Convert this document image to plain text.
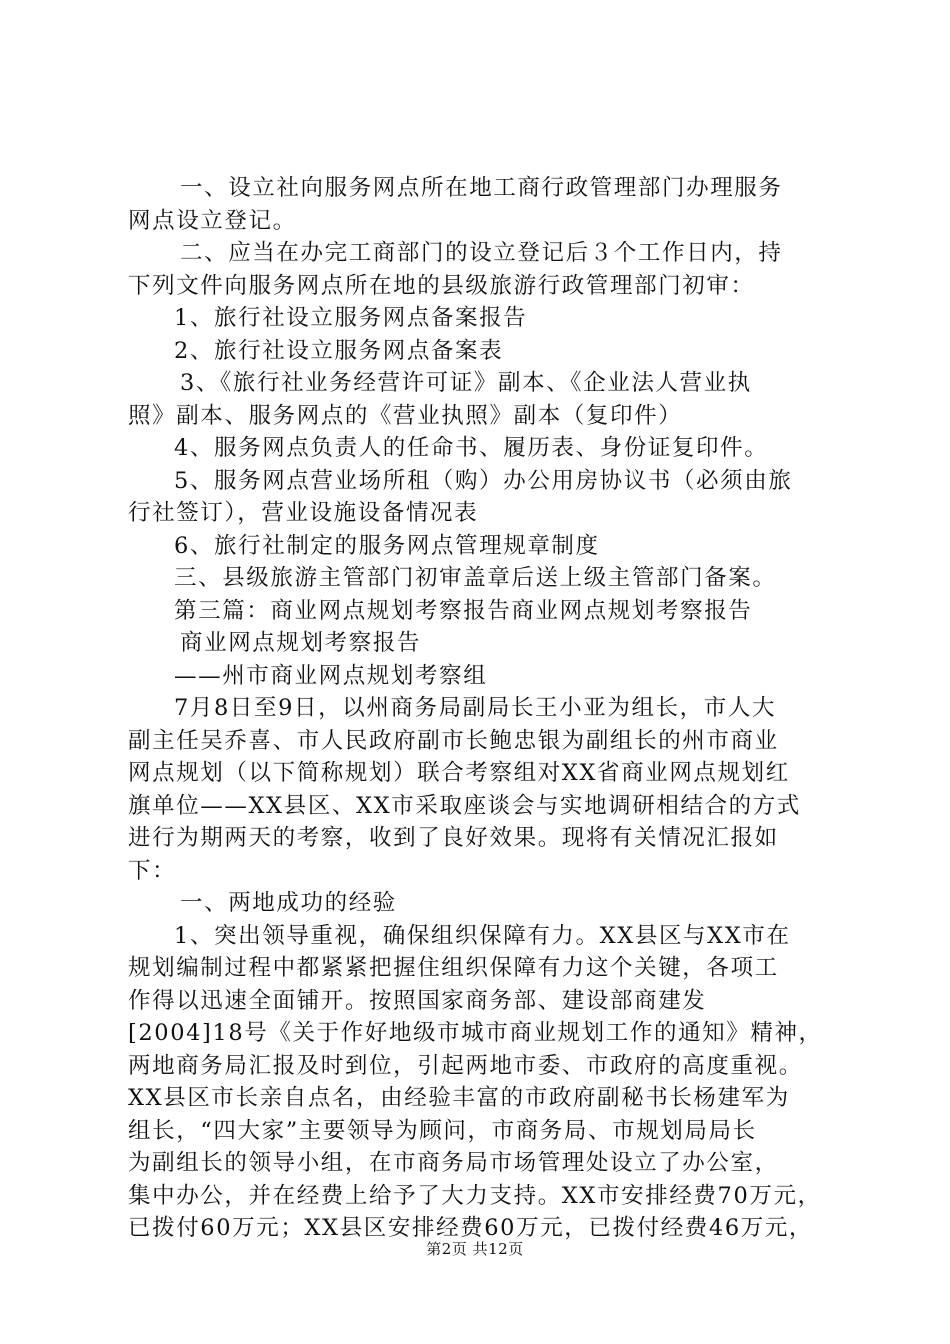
一、设立社向服务网点所在地工商行政管理部门办理服务

网点设立登记。

二、应当在办完工商部门的设立登记后３个工作日内，持

下列文件向服务网点所在地的县级旅游行政管理部门初审：

1、旅行社设立服务网点备案报告

2、旅行社设立服务网点备案表

3、《旅行社业务经营许可证》副本、《企业法人营业执

照》副本、服务网点的《营业执照》副本（复印件）

4、服务网点负责人的任命书、履历表、身份证复印件。

5、服务网点营业场所租（购）办公用房协议书（必须由旅

行社签订），营业设施设备情况表

6、旅行社制定的服务网点管理规章制度

三、县级旅游主管部门初审盖章后送上级主管部门备案。

第三篇：商业网点规划考察报告商业网点规划考察报告

商业网点规划考察报告

——州市商业网点规划考察组

7月8日至9日，以州商务局副局长王小亚为组长，市人大

副主任吴乔喜、市人民政府副市长鲍忠银为副组长的州市商业

网点规划（以下简称规划）联合考察组对XX省商业网点规划红

旗单位——XX县区、XX市采取座谈会与实地调研相结合的方式

进行为期两天的考察，收到了良好效果。现将有关情况汇报如

下：

一、两地成功的经验

1、突出领导重视，确保组织保障有力。XX县区与XX市在

规划编制过程中都紧紧把握住组织保障有力这个关键，各项工

作得以迅速全面铺开。按照国家商务部、建设部商建发

[2004]18号《关于作好地级市城市商业规划工作的通知》精神，

两地商务局汇报及时到位，引起两地市委、市政府的高度重视。

XX县区市长亲自点名，由经验丰富的市政府副秘书长杨建军为

组长，“四大家”主要领导为顾问，市商务局、市规划局局长

为副组长的领导小组，在市商务局市场管理处设立了办公室，

集中办公，并在经费上给予了大力支持。XX市安排经费70万元，

已拨付60万元；XX县区安排经费60万元，已拨付经费46万元，

第2页 共12页
